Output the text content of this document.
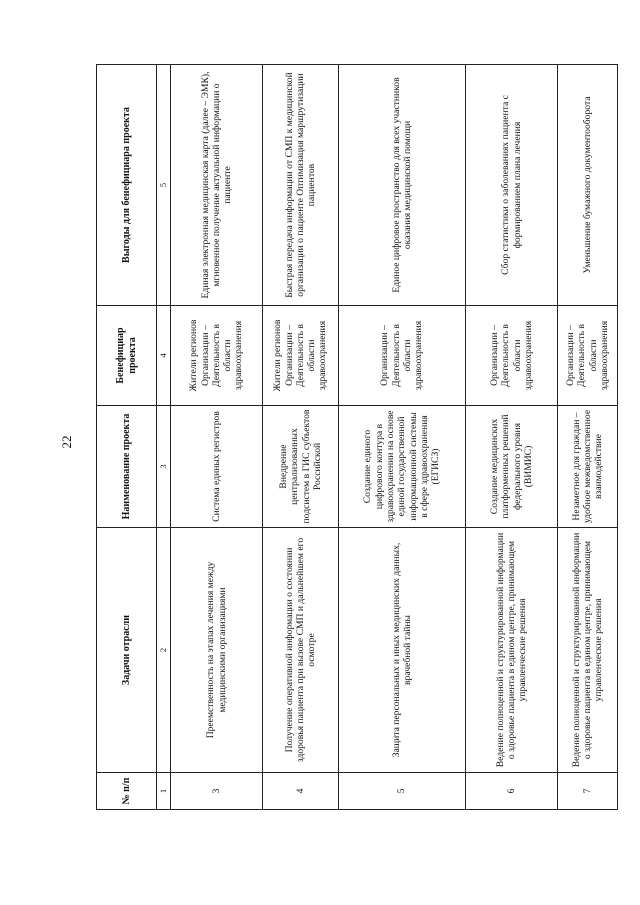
22
№ п/п	Задачи отрасли	Наименование проекта	Бенефициар проекта	Выгоды для бенефициара проекта
1	2	3	4	5
3	Преемственность на этапах лечения между медицинскими организациями	Система единых регистров	Жители регионов Организации – Деятельность в области здравоохранения	Единая электронная медицинская карта (далее – ЭМК), мгновенное получение актуальной информации о пациенте
4	Получение оперативной информации о состоянии здоровья пациента при вызове СМП и дальнейшем его осмотре	Внедрение централизованных подсистем в ГИС субъектов Российской	Жители регионов Организации – Деятельность в области здравоохранения	Быстрая передача информации от СМП к медицинской организации о пациенте Оптимизация маршрутизации пациентов
5	Защита персональных и иных медицинских данных, врачебной тайны	Создание единого цифрового контура в здравоохранении на основе единой государственной информационной системы в сфере здравоохранения (ЕГИСЗ)	Организации – Деятельность в области здравоохранения	Единое цифровое пространство для всех участников оказания медицинской помощи
6	Ведение полноценной и структурированной информации о здоровье пациента в едином центре, принимающем управленческие решения	Создание медицинских платформенных решений федерального уровня (ВИМИС)	Организации – Деятельность в области здравоохранения	Сбор статистики о заболеваниях пациента с формированием плана лечения
7	Ведение полноценной и структурированной информации о здоровье пациента в едином центре, принимающем управленческие решения	Незаметное для граждан – удобное межведомственное взаимодействие	Организации – Деятельность в области здравоохранения	Уменьшение бумажного документооборота
